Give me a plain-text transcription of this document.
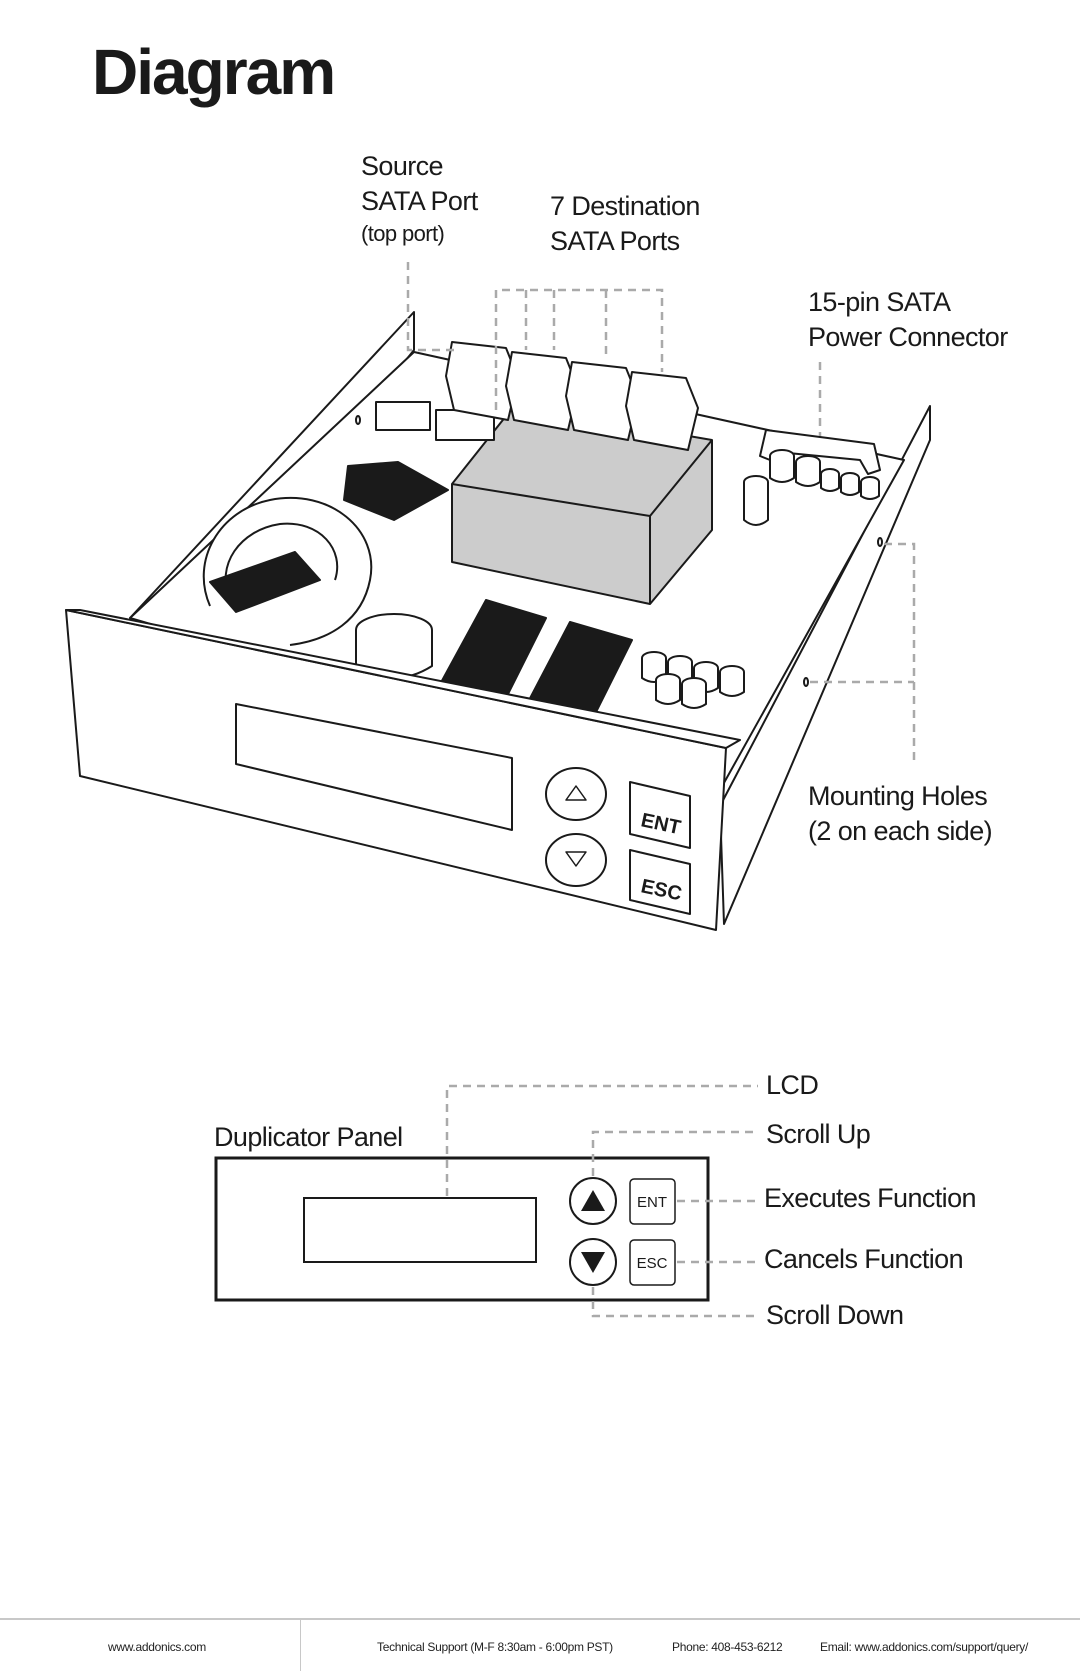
Diagram
ENT
ESC
Source
SATA Port
(top port)
7 Destination
SATA Ports
15-pin SATA
Power Connector
Mounting Holes
(2 on each side)
ENT
ESC
Duplicator Panel
LCD
Scroll Up
Executes Function
Cancels Function
Scroll Down
www.addonics.com	Technical Support (M-F 8:30am - 6:00pm PST)	Phone: 408-453-6212	Email: www.addonics.com/support/query/
